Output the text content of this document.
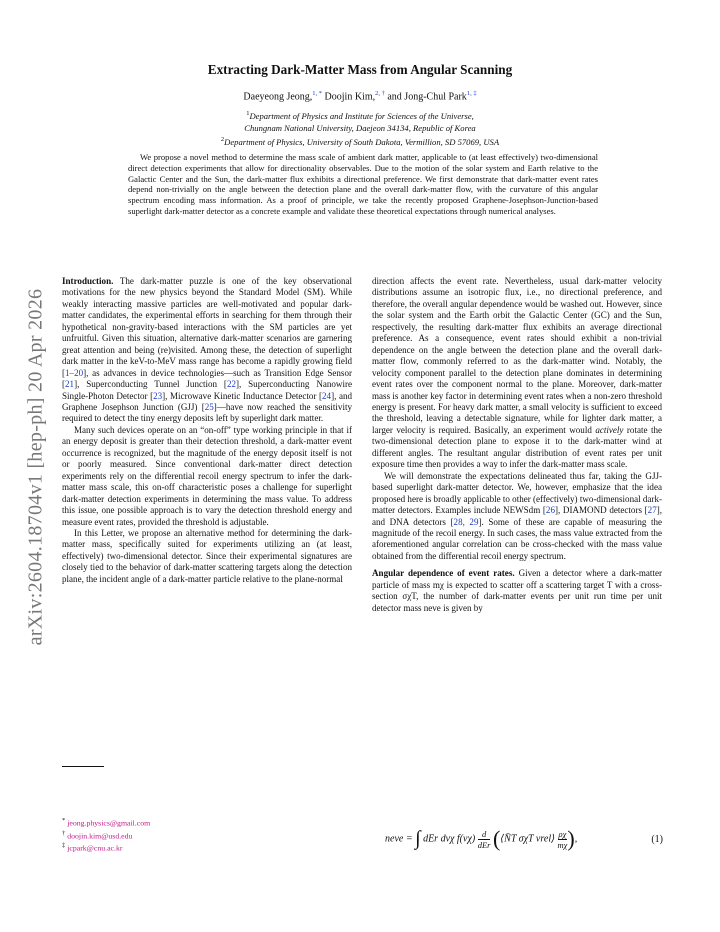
arXiv:2604.18704v1 [hep-ph] 20 Apr 2026
Extracting Dark-Matter Mass from Angular Scanning
Daeyeong Jeong,$^{1, *}$ Doojin Kim,$^{2, \dagger}$ and Jong-Chul Park$^{1, \ddagger}$
$^1$Department of Physics and Institute for Sciences of the Universe,
Chungnam National University, Daejeon 34134, Republic of Korea
$^2$Department of Physics, University of South Dakota, Vermillion, SD 57069, USA
We propose a novel method to determine the mass scale of ambient dark matter, applicable to (at least effectively) two-dimensional direct detection experiments that allow for directionality observables. Due to the motion of the solar system and Earth relative to the Galactic Center and the Sun, the dark-matter flux exhibits a directional preference. We first demonstrate that dark-matter event rates depend non-trivially on the angle between the detection plane and the overall dark-matter flow, with the curvature of this angular spectrum encoding mass information. As a proof of principle, we take the recently proposed Graphene-Josephson-Junction-based superlight dark-matter detector as a concrete example and validate these theoretical expectations through numerical analyses.

Introduction. The dark-matter puzzle is one of the key observational motivations for the new physics beyond the Standard Model (SM). While weakly interacting massive particles are well-motivated and popular dark-matter candidates, the experimental efforts in searching for them through their hypothetical non-gravity-based interactions with the SM particles are yet unfruitful. Given this situation, alternative dark-matter scenarios are garnering great attention and being (re)visited. Among these, the detection of superlight dark matter in the keV-to-MeV mass range has become a rapidly growing field [1–20], as advances in device technologies—such as Transition Edge Sensor [21], Superconducting Tunnel Junction [22], Superconducting Nanowire Single-Photon Detector [23], Microwave Kinetic Inductance Detector [24], and Graphene Josephson Junction (GJJ) [25]—have now reached the sensitivity required to detect the tiny energy deposits left by superlight dark matter.

Many such devices operate on an “on-off” type working principle in that if an energy deposit is greater than their detection threshold, a dark-matter event occurrence is recognized, but the magnitude of the energy deposit itself is not or poorly measured. Since conventional dark-matter direct detection experiments rely on the differential recoil energy spectrum to infer the dark-matter mass scale, this on-off characteristic poses a challenge for superlight dark-matter detection experiments in determining the mass value. To address this issue, one possible approach is to vary the detection threshold energy and measure event rates, provided the threshold is adjustable.

In this Letter, we propose an alternative method for determining the dark-matter mass, specifically suited for experiments utilizing an (at least, effectively) two-dimensional detector. Since their experimental signatures are closely tied to the behavior of dark-matter scattering targets along the detection plane, the incident angle of a dark-matter particle relative to the plane-normal

direction affects the event rate. Nevertheless, usual dark-matter velocity distributions assume an isotropic flux, i.e., no directional preference, and therefore, the overall angular dependence would be washed out. However, since the solar system and the Earth orbit the Galactic Center (GC) and the Sun, respectively, the resulting dark-matter flux exhibits an average directional preference. As a consequence, event rates should exhibit a non-trivial dependence on the angle between the detection plane and the overall dark-matter flow, commonly referred to as the dark-matter wind. Notably, the velocity component parallel to the detection plane dominates in determining event rates over the component normal to the plane. Moreover, dark-matter mass is another key factor in determining event rates when a non-zero threshold energy is present. For heavy dark matter, a small velocity is sufficient to exceed the threshold, leaving a detectable signature, while for lighter dark matter, a larger velocity is required. Basically, an experiment would actively rotate the two-dimensional detection plane to expose it to the dark-matter wind at different angles. The resultant angular distribution of event rates per unit exposure time then provides a way to infer the dark-matter mass scale.

We will demonstrate the expectations delineated thus far, taking the GJJ-based superlight dark-matter detector. We, however, emphasize that the idea proposed here is broadly applicable to other (effectively) two-dimensional dark-matter detectors. Examples include NEWSdm [26], DIAMOND detectors [27], and DNA detectors [28, 29]. Some of these are capable of measuring the magnitude of the recoil energy. In such cases, the mass value extracted from the aforementioned angular correlation can be cross-checked with the mass value obtained from the differential recoil energy spectrum.

Angular dependence of event rates. Given a detector where a dark-matter particle of mass mχ is expected to scatter off a scattering target T with a cross-section σχT, the number of dark-matter events per unit run time per unit detector mass neve is given by

neve = ∫ dEr dvχ $f(v\chi) \frac{d}{\text{dEr}}$ (⟨N̄T σχT vrel⟩ $\frac{\rho\chi}{m\chi}$),	(1)
* jeong.physics@gmail.com
† doojin.kim@usd.edu
‡ jcpark@cnu.ac.kr
